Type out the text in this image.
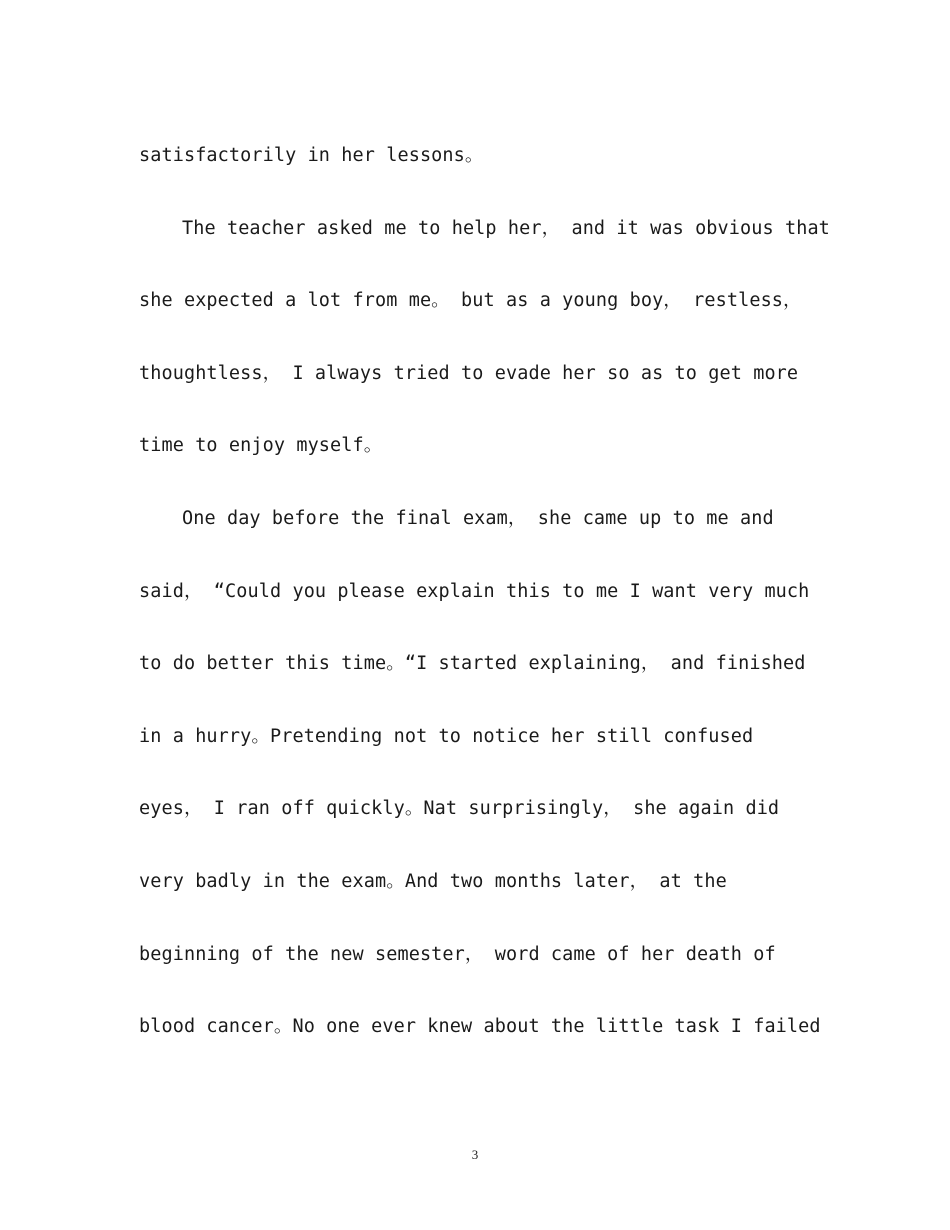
satisfactorily in her lessons。
The teacher asked me to help her， and it was obvious that
she expected a lot from me。 but as a young boy， restless，
thoughtless， I always tried to evade her so as to get more
time to enjoy myself。
One day before the final exam， she came up to me and
said， “Could you please explain this to me I want very much
to do better this time。“I started explaining， and finished
in a hurry。Pretending not to notice her still confused
eyes， I ran off quickly。Nat surprisingly， she again did
very badly in the exam。And two months later， at the
beginning of the new semester， word came of her death of
blood cancer。No one ever knew about the little task I failed
3
